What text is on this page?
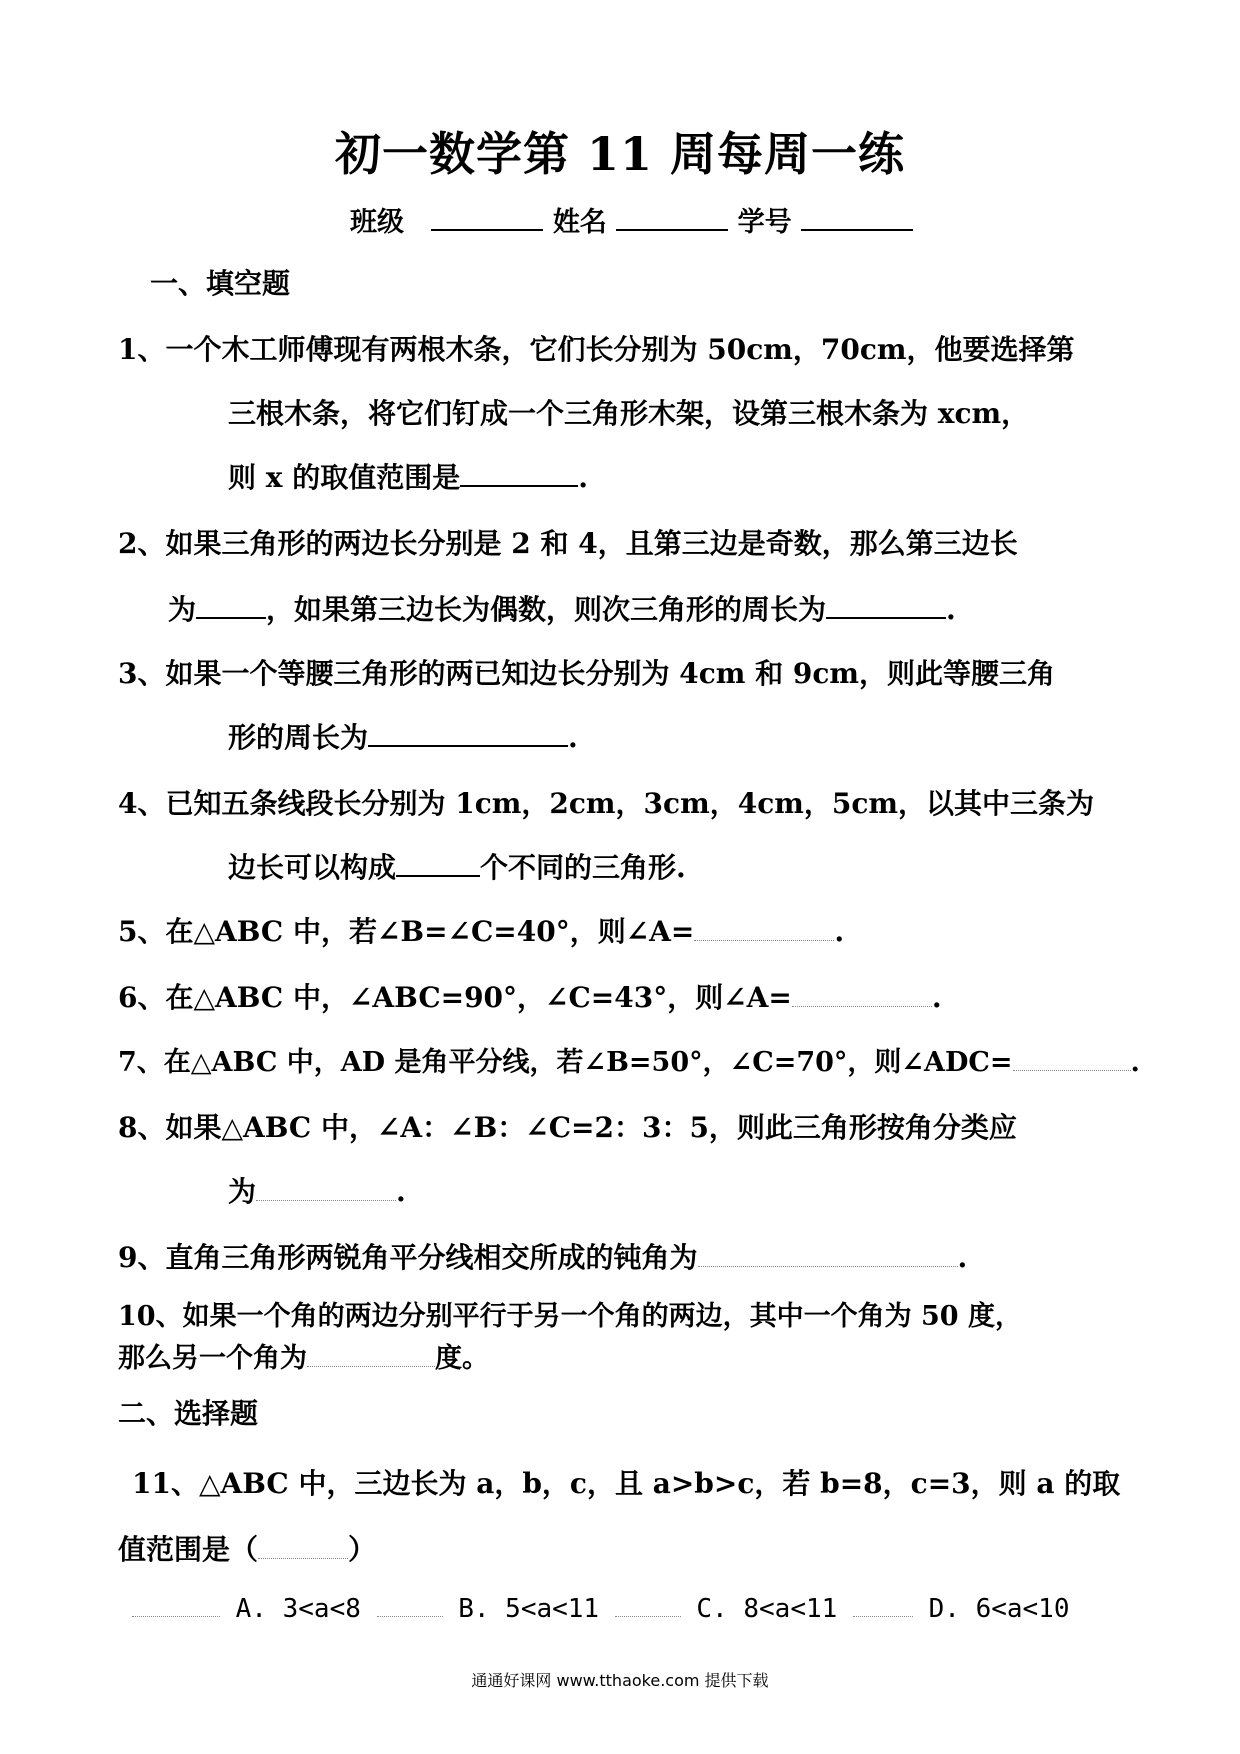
初一数学第 11 周每周一练
班级	姓名	学号
一、填空题
1、一个木工师傅现有两根木条，它们长分别为 50cm，70cm，他要选择第
三根木条，将它们钉成一个三角形木架，设第三根木条为 xcm，
则 x 的取值范围是	.
2、如果三角形的两边长分别是 2 和 4，且第三边是奇数，那么第三边长
为	，如果第三边长为偶数，则次三角形的周长为	.
3、如果一个等腰三角形的两已知边长分别为 4cm 和 9cm，则此等腰三角
形的周长为	.
4、已知五条线段长分别为 1cm，2cm，3cm，4cm，5cm，以其中三条为
边长可以构成	个不同的三角形.
5、在△ABC 中，若∠B=∠C=40°，则∠A=	.
6、在△ABC 中，∠ABC=90°，∠C=43°，则∠A=	.
7、在△ABC 中，AD 是角平分线，若∠B=50°，∠C=70°，则∠ADC=	.
8、如果△ABC 中，∠A：∠B：∠C=2：3：5，则此三角形按角分类应
为	.
9、直角三角形两锐角平分线相交所成的钝角为	.
10、如果一个角的两边分别平行于另一个角的两边，其中一个角为 50 度，
那么另一个角为	度。
二、选择题
11、△ABC 中，三边长为 a，b，c，且 a>b>c，若 b=8，c=3，则 a 的取
值范围是（	）
A. 3<a<8	B. 5<a<11	C. 8<a<11	D. 6<a<10
通通好课网 www.tthaoke.com 提供下载
